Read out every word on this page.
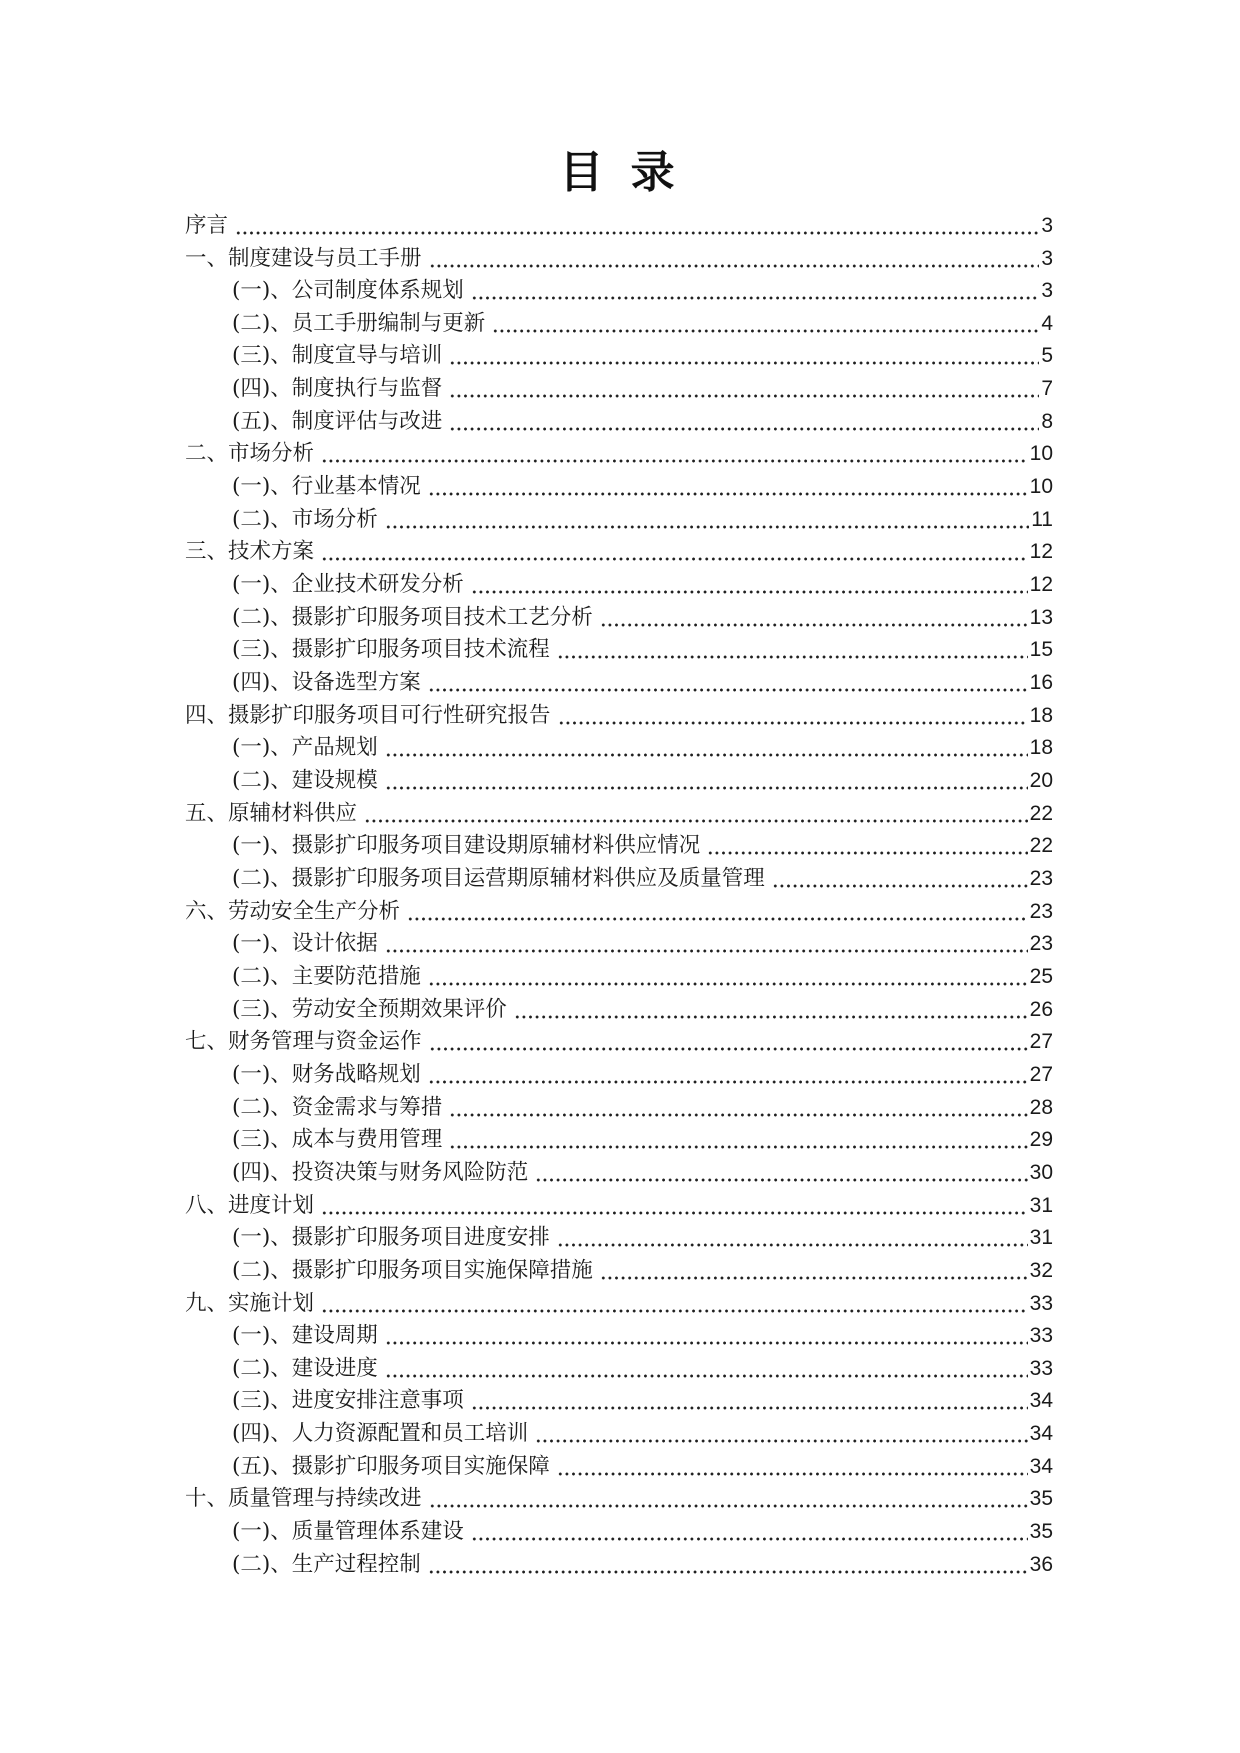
目 录
序言	3
一、制度建设与员工手册	3
(一)、公司制度体系规划	3
(二)、员工手册编制与更新	4
(三)、制度宣导与培训	5
(四)、制度执行与监督	7
(五)、制度评估与改进	8
二、市场分析	10
(一)、行业基本情况	10
(二)、市场分析	11
三、技术方案	12
(一)、企业技术研发分析	12
(二)、摄影扩印服务项目技术工艺分析	13
(三)、摄影扩印服务项目技术流程	15
(四)、设备选型方案	16
四、摄影扩印服务项目可行性研究报告	18
(一)、产品规划	18
(二)、建设规模	20
五、原辅材料供应	22
(一)、摄影扩印服务项目建设期原辅材料供应情况	22
(二)、摄影扩印服务项目运营期原辅材料供应及质量管理	23
六、劳动安全生产分析	23
(一)、设计依据	23
(二)、主要防范措施	25
(三)、劳动安全预期效果评价	26
七、财务管理与资金运作	27
(一)、财务战略规划	27
(二)、资金需求与筹措	28
(三)、成本与费用管理	29
(四)、投资决策与财务风险防范	30
八、进度计划	31
(一)、摄影扩印服务项目进度安排	31
(二)、摄影扩印服务项目实施保障措施	32
九、实施计划	33
(一)、建设周期	33
(二)、建设进度	33
(三)、进度安排注意事项	34
(四)、人力资源配置和员工培训	34
(五)、摄影扩印服务项目实施保障	34
十、质量管理与持续改进	35
(一)、质量管理体系建设	35
(二)、生产过程控制	36
